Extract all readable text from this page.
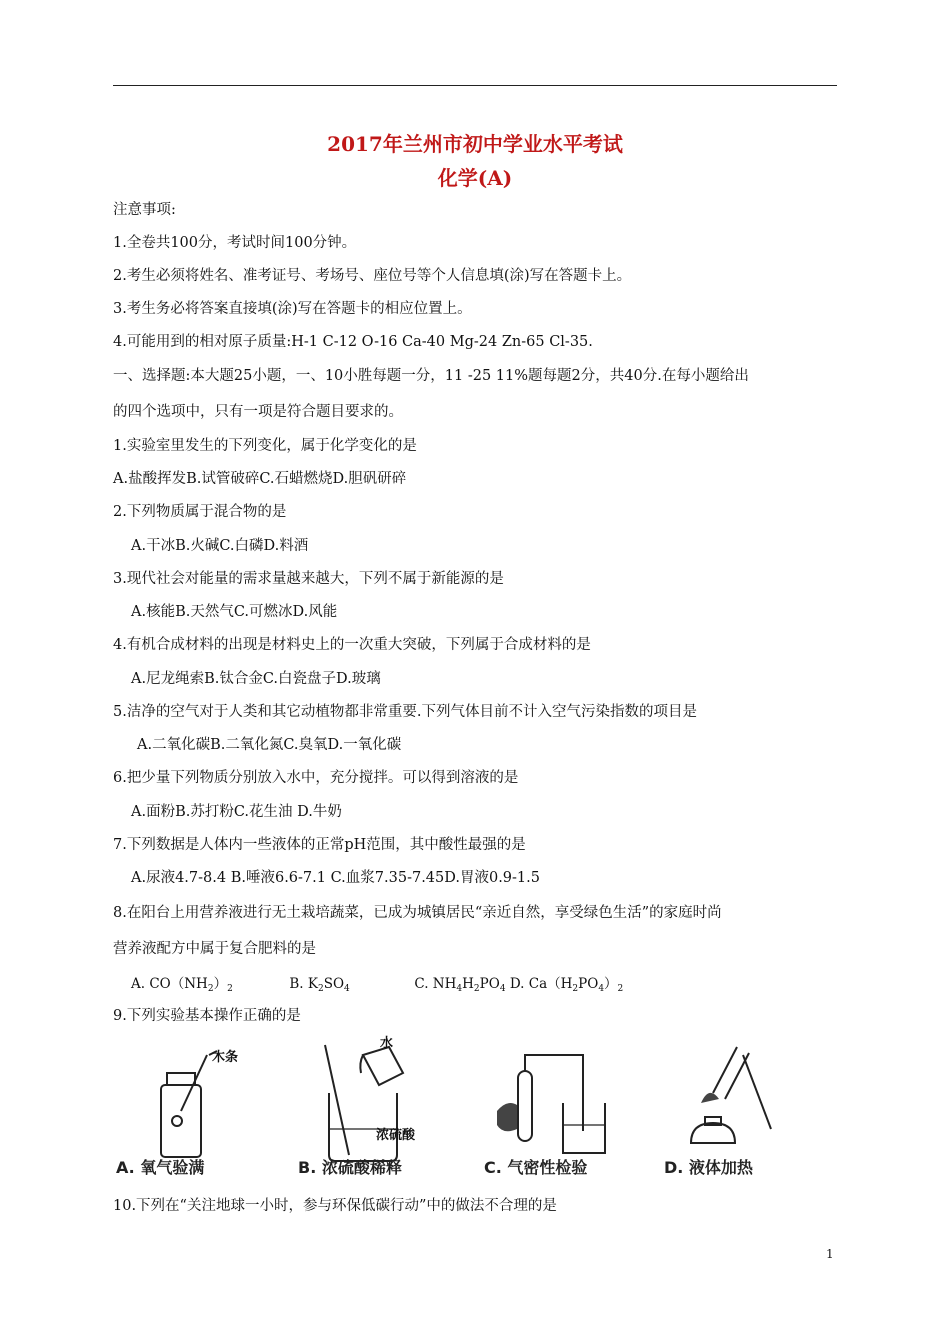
2017年兰州市初中学业水平考试
化学(A)
注意事项:
1.全卷共100分，考试时间100分钟。
2.考生必须将姓名、准考证号、考场号、座位号等个人信息填(涂)写在答题卡上。
3.考生务必将答案直接填(涂)写在答题卡的相应位置上。
4.可能用到的相对原子质量:H-1 C-12 O-16 Ca-40 Mg-24 Zn-65 Cl-35.
一、选择题:本大题25小题，一、10小胜每题一分，11 -25 11%题每题2分，共40分.在每小题给出
的四个选项中，只有一项是符合题目要求的。
1.实验室里发生的下列变化，属于化学变化的是
A.盐酸挥发B.试管破碎C.石蜡燃烧D.胆矾研碎
2.下列物质属于混合物的是
A.干冰B.火碱C.白磷D.料酒
3.现代社会对能量的需求量越来越大，下列不属于新能源的是
A.核能B.天然气C.可燃冰D.风能
4.有机合成材料的出现是材料史上的一次重大突破，下列属于合成材料的是
A.尼龙绳索B.钛合金C.白瓷盘子D.玻璃
5.洁净的空气对于人类和其它动植物都非常重要.下列气体目前不计入空气污染指数的项目是
A.二氧化碳B.二氧化氮C.臭氧D.一氧化碳
6.把少量下列物质分别放入水中，充分搅拌。可以得到溶液的是
A.面粉B.苏打粉C.花生油 D.牛奶
7.下列数据是人体内一些液体的正常pH范围，其中酸性最强的是
A.尿液4.7-8.4 B.唾液6.6-7.1 C.血浆7.35-7.45D.胃液0.9-1.5
8.在阳台上用营养液进行无土栽培蔬菜，已成为城镇居民“亲近自然，享受绿色生活”的家庭时尚
营养液配方中属于复合肥料的是
A. $CO(NH_2)_2$	B. $K_2SO_4$	C. $NH_4H_2PO_4$ D. $Ca(H_2PO_4)_2$
9.下列实验基本操作正确的是
木条
水
浓硫酸
A. 氧气验满	B. 浓硫酸稀释	C. 气密性检验	D. 液体加热
10.下列在“关注地球一小时，参与环保低碳行动”中的做法不合理的是
1
